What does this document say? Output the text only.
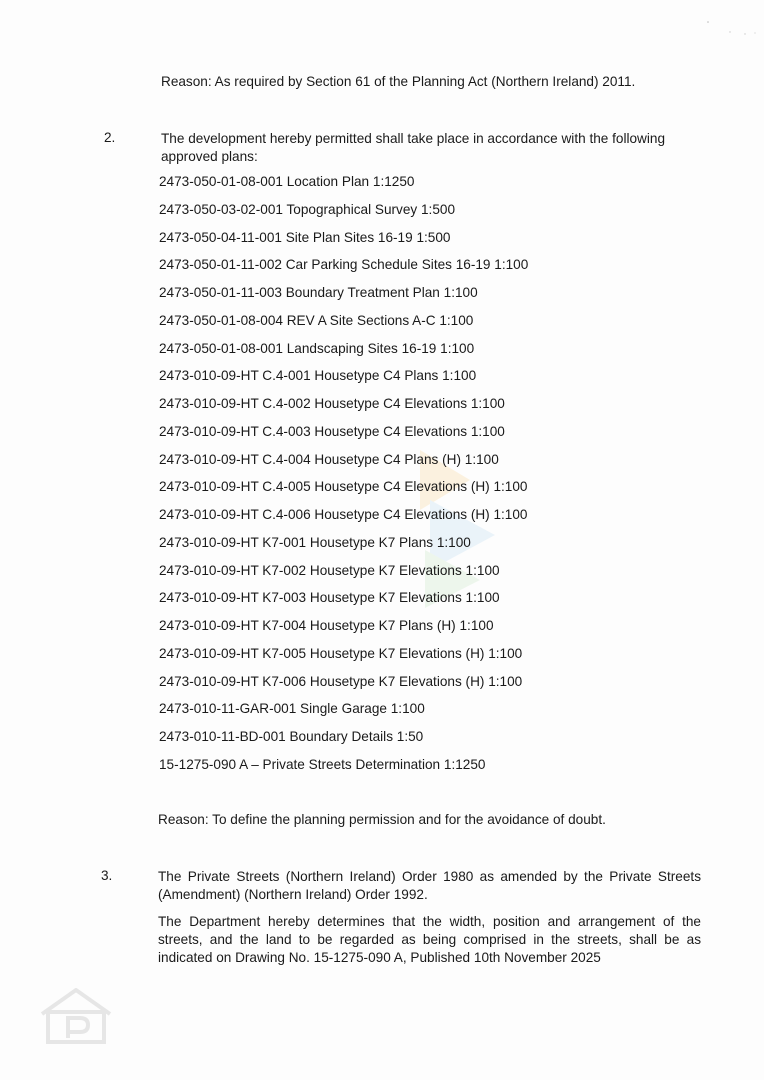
Reason: As required by Section 61 of the Planning Act (Northern Ireland) 2011.
2.	The development hereby permitted shall take place in accordance with the following approved plans:
2473-050-01-08-001 Location Plan 1:1250
2473-050-03-02-001 Topographical Survey 1:500
2473-050-04-11-001 Site Plan Sites 16-19 1:500
2473-050-01-11-002 Car Parking Schedule Sites 16-19 1:100
2473-050-01-11-003 Boundary Treatment Plan 1:100
2473-050-01-08-004 REV A Site Sections A-C 1:100
2473-050-01-08-001 Landscaping Sites 16-19 1:100
2473-010-09-HT C.4-001 Housetype C4 Plans 1:100
2473-010-09-HT C.4-002 Housetype C4 Elevations 1:100
2473-010-09-HT C.4-003 Housetype C4 Elevations 1:100
2473-010-09-HT C.4-004 Housetype C4 Plans (H) 1:100
2473-010-09-HT C.4-005 Housetype C4 Elevations (H) 1:100
2473-010-09-HT C.4-006 Housetype C4 Elevations (H) 1:100
2473-010-09-HT K7-001 Housetype K7 Plans 1:100
2473-010-09-HT K7-002 Housetype K7 Elevations 1:100
2473-010-09-HT K7-003 Housetype K7 Elevations 1:100
2473-010-09-HT K7-004 Housetype K7 Plans (H) 1:100
2473-010-09-HT K7-005 Housetype K7 Elevations (H) 1:100
2473-010-09-HT K7-006 Housetype K7 Elevations (H) 1:100
2473-010-11-GAR-001 Single Garage 1:100
2473-010-11-BD-001 Boundary Details 1:50
15-1275-090 A – Private Streets Determination 1:1250
Reason: To define the planning permission and for the avoidance of doubt.
3.	The Private Streets (Northern Ireland) Order 1980 as amended by the Private Streets (Amendment) (Northern Ireland) Order 1992.
The Department hereby determines that the width, position and arrangement of the streets, and the land to be regarded as being comprised in the streets, shall be as indicated on Drawing No. 15-1275-090 A, Published 10th November 2025
